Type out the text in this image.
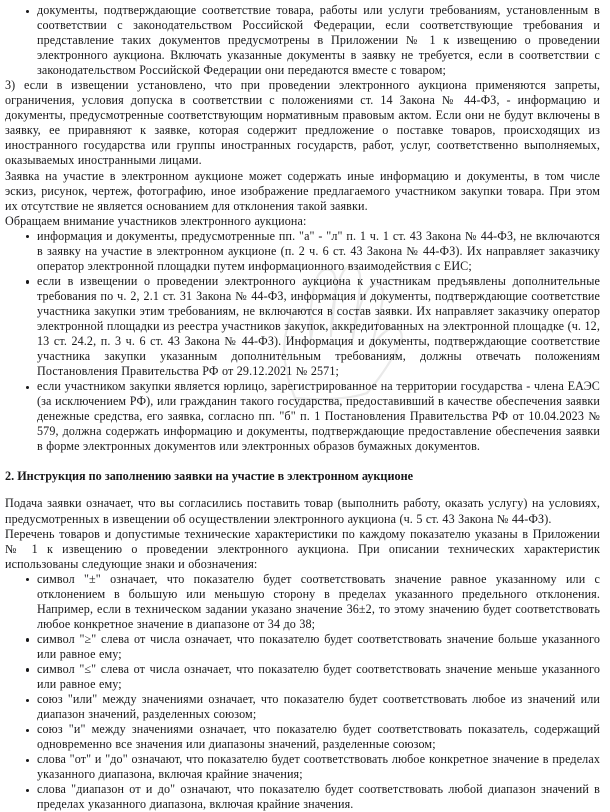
документы, подтверждающие соответствие товара, работы или услуги требованиям, установленным в соответствии с законодательством Российской Федерации, если соответствующие требования и представление таких документов предусмотрены в Приложении № 1 к извещению о проведении электронного аукциона. Включать указанные документы в заявку не требуется, если в соответствии с законодательством Российской Федерации они передаются вместе с товаром;

3) если в извещении установлено, что при проведении электронного аукциона применяются запреты, ограничения, условия допуска в соответствии с положениями ст. 14 Закона № 44-ФЗ, - информацию и документы, предусмотренные соответствующим нормативным правовым актом. Если они не будут включены в заявку, ее приравняют к заявке, которая содержит предложение о поставке товаров, происходящих из иностранного государства или группы иностранных государств, работ, услуг, соответственно выполняемых, оказываемых иностранными лицами.

Заявка на участие в электронном аукционе может содержать иные информацию и документы, в том числе эскиз, рисунок, чертеж, фотографию, иное изображение предлагаемого участником закупки товара. При этом их отсутствие не является основанием для отклонения такой заявки.

Обращаем внимание участников электронного аукциона:

информация и документы, предусмотренные пп. "а" - "л" п. 1 ч. 1 ст. 43 Закона № 44-ФЗ, не включаются в заявку на участие в электронном аукционе (п. 2 ч. 6 ст. 43 Закона № 44-ФЗ). Их направляет заказчику оператор электронной площадки путем информационного взаимодействия с ЕИС;
если в извещении о проведении электронного аукциона к участникам предъявлены дополнительные требования по ч. 2, 2.1 ст. 31 Закона № 44-ФЗ, информация и документы, подтверждающие соответствие участника закупки этим требованиям, не включаются в состав заявки. Их направляет заказчику оператор электронной площадки из реестра участников закупок, аккредитованных на электронной площадке (ч. 12, 13 ст. 24.2, п. 3 ч. 6 ст. 43 Закона № 44-ФЗ). Информация и документы, подтверждающие соответствие участника закупки указанным дополнительным требованиям, должны отвечать положениям Постановления Правительства РФ от 29.12.2021 № 2571;
если участником закупки является юрлицо, зарегистрированное на территории государства - члена ЕАЭС (за исключением РФ), или гражданин такого государства, предоставивший в качестве обеспечения заявки денежные средства, его заявка, согласно пп. "б" п. 1 Постановления Правительства РФ от 10.04.2023 № 579, должна содержать информацию и документы, подтверждающие предоставление обеспечения заявки в форме электронных документов или электронных образов бумажных документов.
2. Инструкция по заполнению заявки на участие в электронном аукционе

Подача заявки означает, что вы согласились поставить товар (выполнить работу, оказать услугу) на условиях, предусмотренных в извещении об осуществлении электронного аукциона (ч. 5 ст. 43 Закона № 44-ФЗ).

Перечень товаров и допустимые технические характеристики по каждому показателю указаны в Приложении № 1 к извещению о проведении электронного аукциона. При описании технических характеристик использованы следующие знаки и обозначения:

символ "±" означает, что показателю будет соответствовать значение равное указанному или с отклонением в большую или меньшую сторону в пределах указанного предельного отклонения. Например, если в техническом задании указано значение 36±2, то этому значению будет соответствовать любое конкретное значение в диапазоне от 34 до 38;
символ "≥" слева от числа означает, что показателю будет соответствовать значение больше указанного или равное ему;
символ "≤" слева от числа означает, что показателю будет соответствовать значение меньше указанного или равное ему;
союз "или" между значениями означает, что показателю будет соответствовать любое из значений или диапазон значений, разделенных союзом;
союз "и" между значениями означает, что показателю будет соответствовать показатель, содержащий одновременно все значения или диапазоны значений, разделенные союзом;
слова "от" и "до" означают, что показателю будет соответствовать любое конкретное значение в пределах указанного диапазона, включая крайние значения;
слова "диапазон от и до" означают, что показателю будет соответствовать любой диапазон значений в пределах указанного диапазона, включая крайние значения.
